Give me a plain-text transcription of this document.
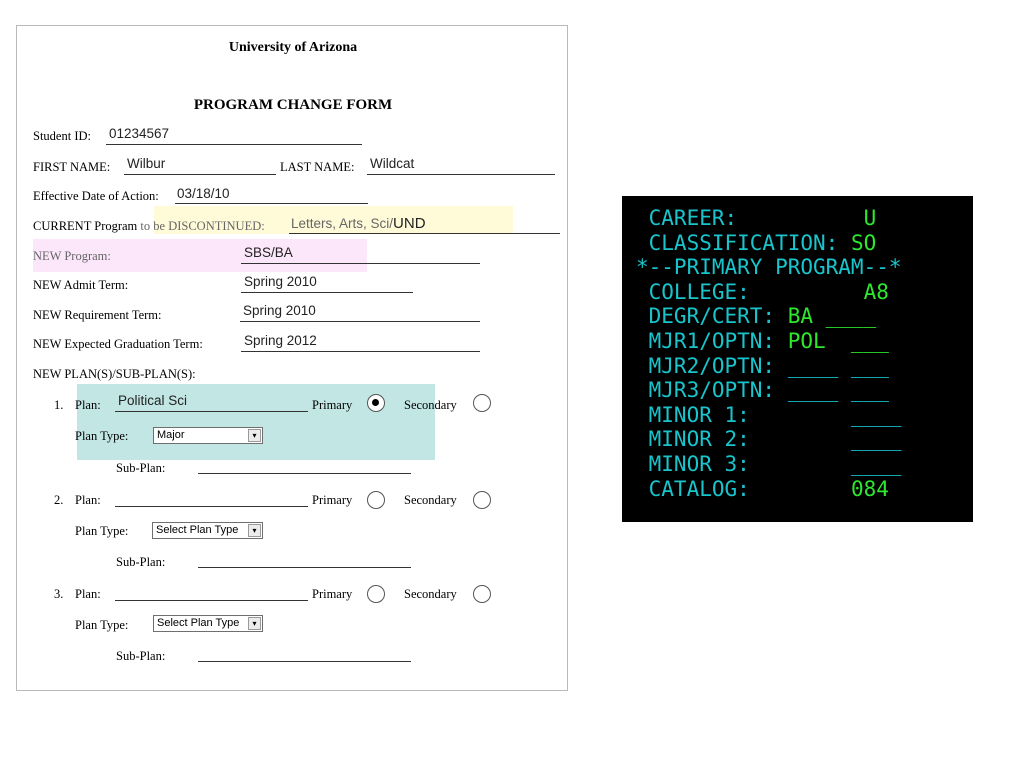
University of Arizona
PROGRAM CHANGE FORM
Student ID: 01234567
FIRST NAME: Wilbur	LAST NAME: Wildcat
Effective Date of Action: 03/18/10
CURRENT Program to be DISCONTINUED: Letters, Arts, Sci/UND
NEW Program:	SBS/BA
NEW Admit Term:	Spring 2010
NEW Requirement Term:	Spring 2010
NEW Expected Graduation Term:	Spring 2012
NEW PLAN(S)/SUB-PLAN(S):
1. Plan: Political Sci	Primary	Secondary
Plan Type:	Major	▾
Sub-Plan:
2. Plan:	Primary	Secondary
Plan Type:	Select Plan Type	▾
Sub-Plan:
3. Plan:	Primary	Secondary
Plan Type:	Select Plan Type	▾
Sub-Plan:
CAREER:          U
CLASSIFICATION: SO
*--PRIMARY PROGRAM--*
COLLEGE:         A8
DEGR/CERT: BA ____
MJR1/OPTN: POL  ___
MJR2/OPTN: ____ ___
MJR3/OPTN: ____ ___
MINOR 1:        ____
MINOR 2:        ____
MINOR 3:        ____
CATALOG:        084
